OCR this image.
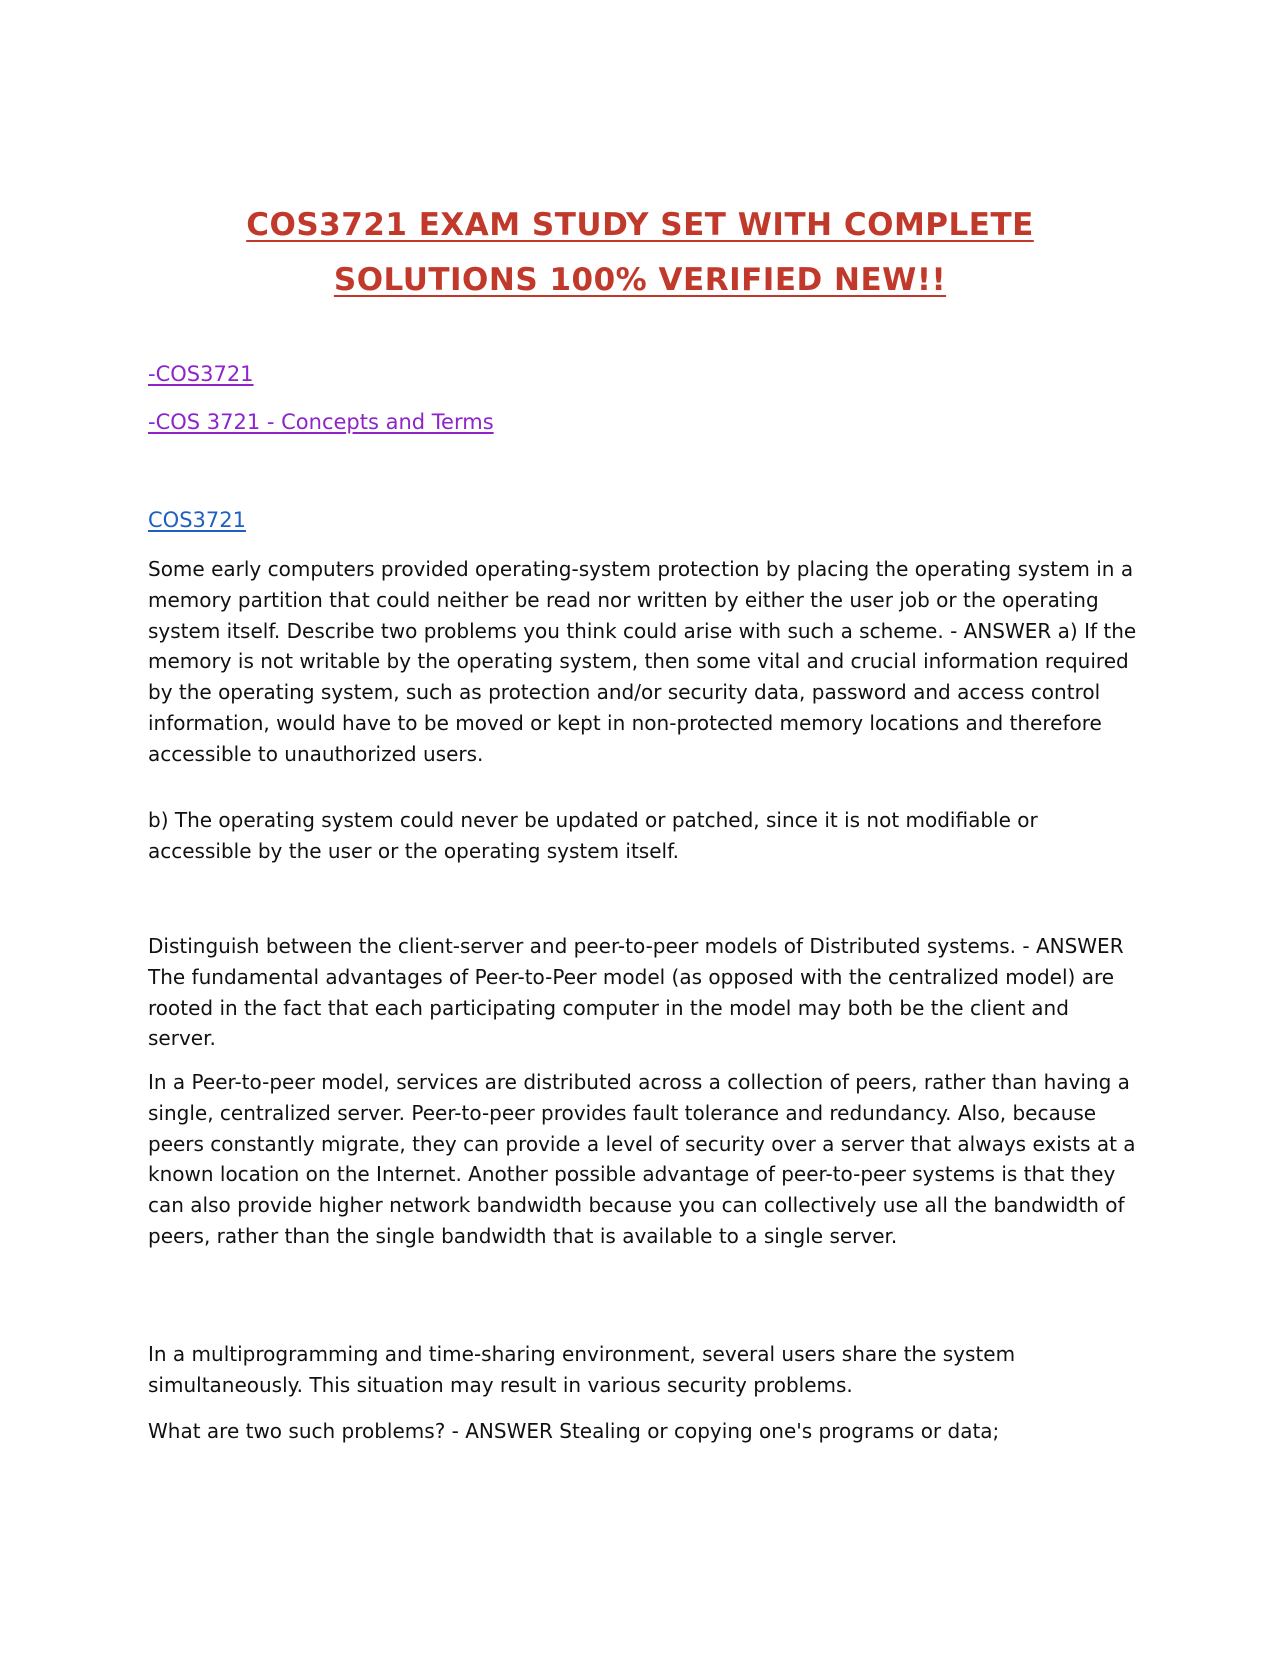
COS3721 EXAM STUDY SET WITH COMPLETE
SOLUTIONS 100% VERIFIED NEW!!
-COS3721
-COS 3721 - Concepts and Terms
COS3721

Some early computers provided operating-system protection by placing the operating system in a memory partition that could neither be read nor written by either the user job or the operating system itself. Describe two problems you think could arise with such a scheme. - ANSWER a) If the memory is not writable by the operating system, then some vital and crucial information required by the operating system, such as protection and/or security data, password and access control information, would have to be moved or kept in non-protected memory locations and therefore accessible to unauthorized users.

b) The operating system could never be updated or patched, since it is not modifiable or accessible by the user or the operating system itself.

Distinguish between the client-server and peer-to-peer models of Distributed systems. - ANSWER The fundamental advantages of Peer-to-Peer model (as opposed with the centralized model) are rooted in the fact that each participating computer in the model may both be the client and server.

In a Peer-to-peer model, services are distributed across a collection of peers, rather than having a single, centralized server. Peer-to-peer provides fault tolerance and redundancy. Also, because peers constantly migrate, they can provide a level of security over a server that always exists at a known location on the Internet. Another possible advantage of peer-to-peer systems is that they can also provide higher network bandwidth because you can collectively use all the bandwidth of peers, rather than the single bandwidth that is available to a single server.

In a multiprogramming and time-sharing environment, several users share the system simultaneously. This situation may result in various security problems.

What are two such problems? - ANSWER Stealing or copying one's programs or data;
